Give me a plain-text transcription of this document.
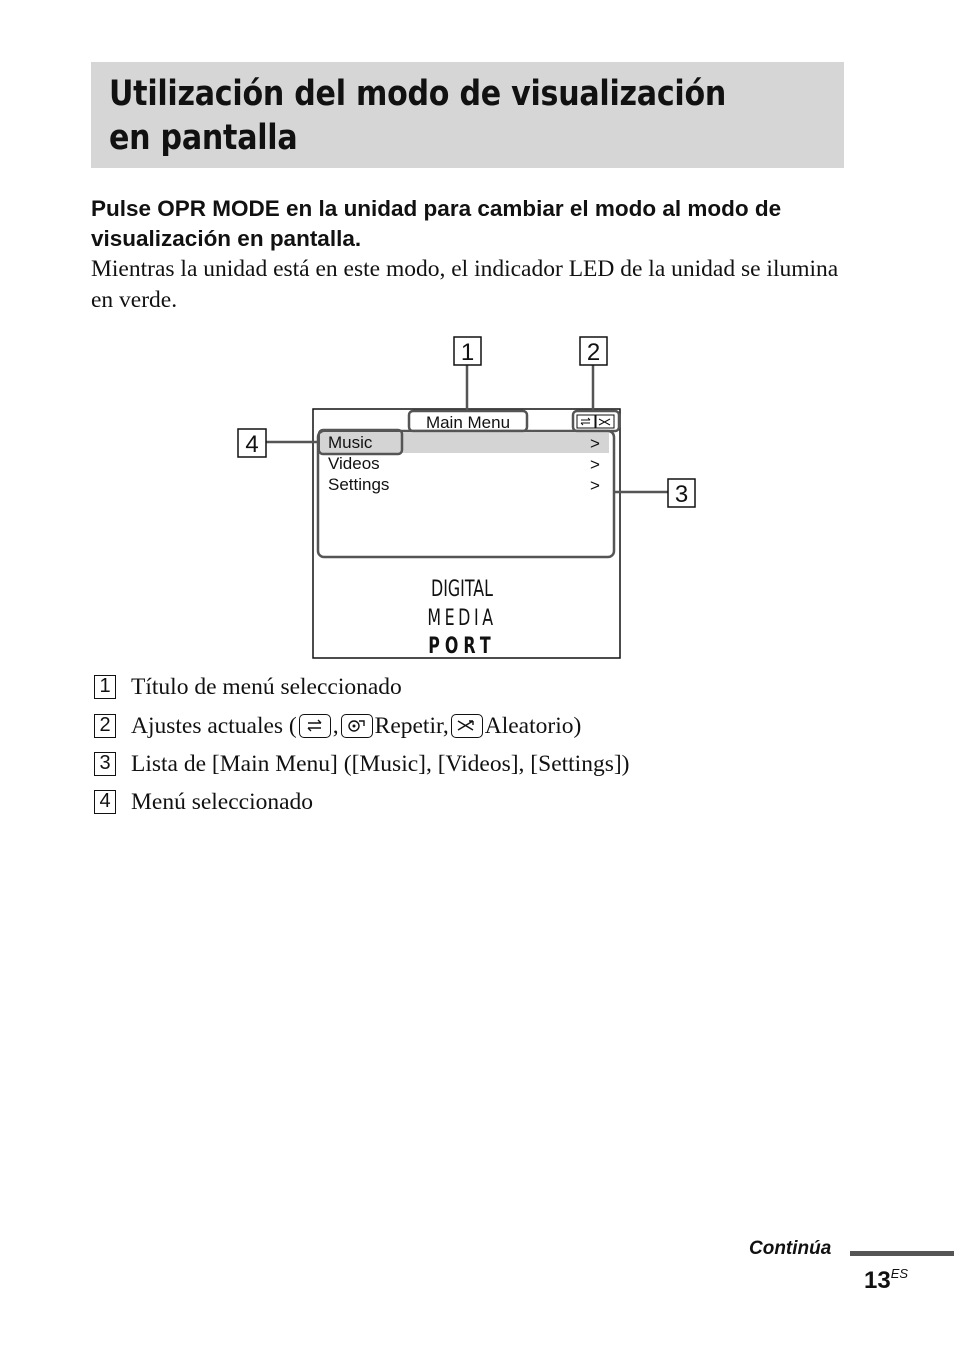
Utilización del modo de visualización en pantalla
Pulse OPR MODE en la unidad para cambiar el modo al modo de visualización en pantalla.
Mientras la unidad está en este modo, el indicador LED de la unidad se ilumina en verde.
Main Menu
Music
Videos
Settings
>
>
>
1	2
3
4
DIGITAL
MEDIA
PORT
1 Título de menú seleccionado
2 Ajustes actuales ( , Repetir, Aleatorio)
3 Lista de [Main Menu] ([Music], [Videos], [Settings])
4 Menú seleccionado
Continúa
$13^{ES}$
